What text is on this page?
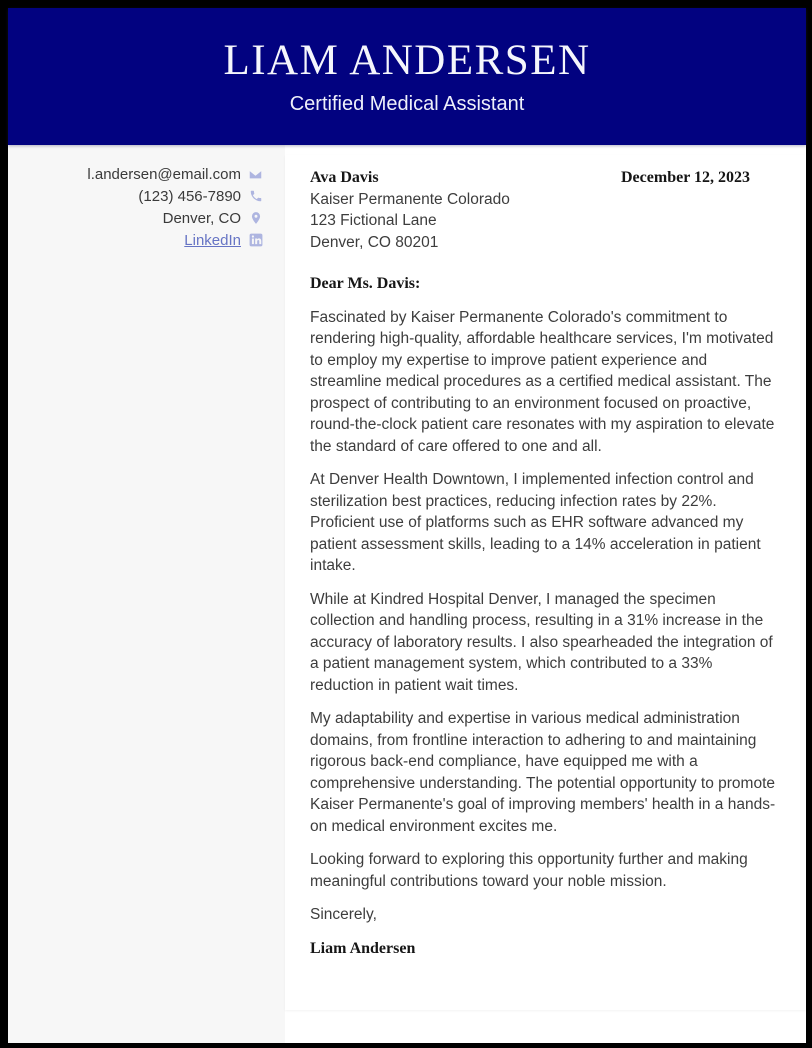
LIAM ANDERSEN
Certified Medical Assistant
l.andersen@email.com
(123) 456-7890
Denver, CO
LinkedIn
Ava Davis
Kaiser Permanente Colorado
123 Fictional Lane
Denver, CO 80201
December 12, 2023

Dear Ms. Davis:

Fascinated by Kaiser Permanente Colorado's commitment to rendering high-quality, affordable healthcare services, I'm motivated to employ my expertise to improve patient experience and streamline medical procedures as a certified medical assistant. The prospect of contributing to an environment focused on proactive, round-the-clock patient care resonates with my aspiration to elevate the standard of care offered to one and all.

At Denver Health Downtown, I implemented infection control and sterilization best practices, reducing infection rates by 22%. Proficient use of platforms such as EHR software advanced my patient assessment skills, leading to a 14% acceleration in patient intake.

While at Kindred Hospital Denver, I managed the specimen collection and handling process, resulting in a 31% increase in the accuracy of laboratory results. I also spearheaded the integration of a patient management system, which contributed to a 33% reduction in patient wait times.

My adaptability and expertise in various medical administration domains, from frontline interaction to adhering to and maintaining rigorous back-end compliance, have equipped me with a comprehensive understanding. The potential opportunity to promote Kaiser Permanente's goal of improving members' health in a hands-on medical environment excites me.

Looking forward to exploring this opportunity further and making meaningful contributions toward your noble mission.

Sincerely,

Liam Andersen
